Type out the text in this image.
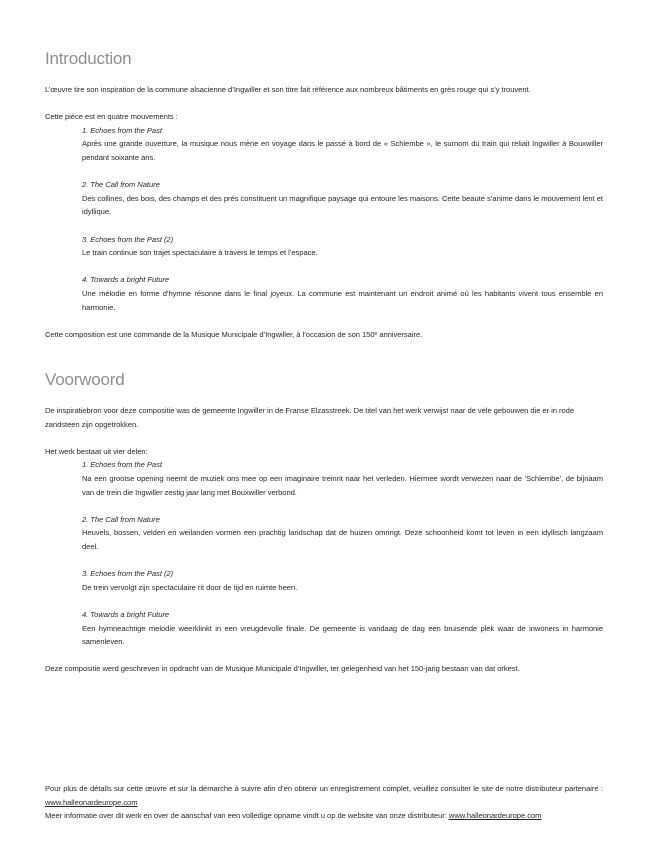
Introduction

L’œuvre tire son inspiration de la commune alsacienne d’Ingwiller et son titre fait référence aux nombreux bâtiments en grès rouge qui s’y trouvent.

Cette pièce est en quatre mouvements :

1. Echoes from the Past

Après une grande ouverture, la musique nous mène en voyage dans le passé à bord de « Schlembe », le surnom du train qui reliait Ingwiller à Bouxwiller pendant soixante ans.

2. The Call from Nature

Des collines, des bois, des champs et des prés constituent un magnifique paysage qui entoure les maisons. Cette beauté s’anime dans le mouvement lent et idyllique.

3. Echoes from the Past (2)

Le train continue son trajet spectaculaire à travers le temps et l’espace.

4. Towards a bright Future

Une mélodie en forme d’hymne résonne dans le final joyeux. La commune est maintenant un endroit animé où les habitants vivent tous ensemble en harmonie.

Cette composition est une commande de la Musique Municipale d’Ingwiller, à l’occasion de son 150ᵉ anniversaire.

Voorwoord

De inspiratiebron voor deze compositie was de gemeente Ingwiller in de Franse Elzasstreek. De titel van het werk verwijst naar de vele gebouwen die er in rode zandsteen zijn opgetrokken.

Het werk bestaat uit vier delen:

1. Echoes from the Past

Na een grootse opening neemt de muziek ons mee op een imaginaire treinrit naar het verleden. Hiermee wordt verwezen naar de ‘Schlembe’, de bijnaam van de trein die Ingwiller zestig jaar lang met Bouxwiller verbond.

2. The Call from Nature

Heuvels, bossen, velden en weilanden vormen een prachtig landschap dat de huizen omringt. Deze schoonheid komt tot leven in een idyllisch langzaam deel.

3. Echoes from the Past (2)

De trein vervolgt zijn spectaculaire rit door de tijd en ruimte heen.

4. Towards a bright Future

Een hymneachtige melodie weerklinkt in een vreugdevolle finale. De gemeente is vandaag de dag een bruisende plek waar de inwoners in harmonie samenleven.

Deze compositie werd geschreven in opdracht van de Musique Municipale d’Ingwiller, ter gelegenheid van het 150-jarig bestaan van dat orkest.

Pour plus de détails sur cette œuvre et sur la démarche à suivre afin d’en obtenir un enregistrement complet, veuillez consulter le site de notre distributeur partenaire : www.halleonardeurope.com

Meer informatie over dit werk en over de aanschaf van een volledige opname vindt u op de website van onze distributeur: www.halleonardeurope.com
